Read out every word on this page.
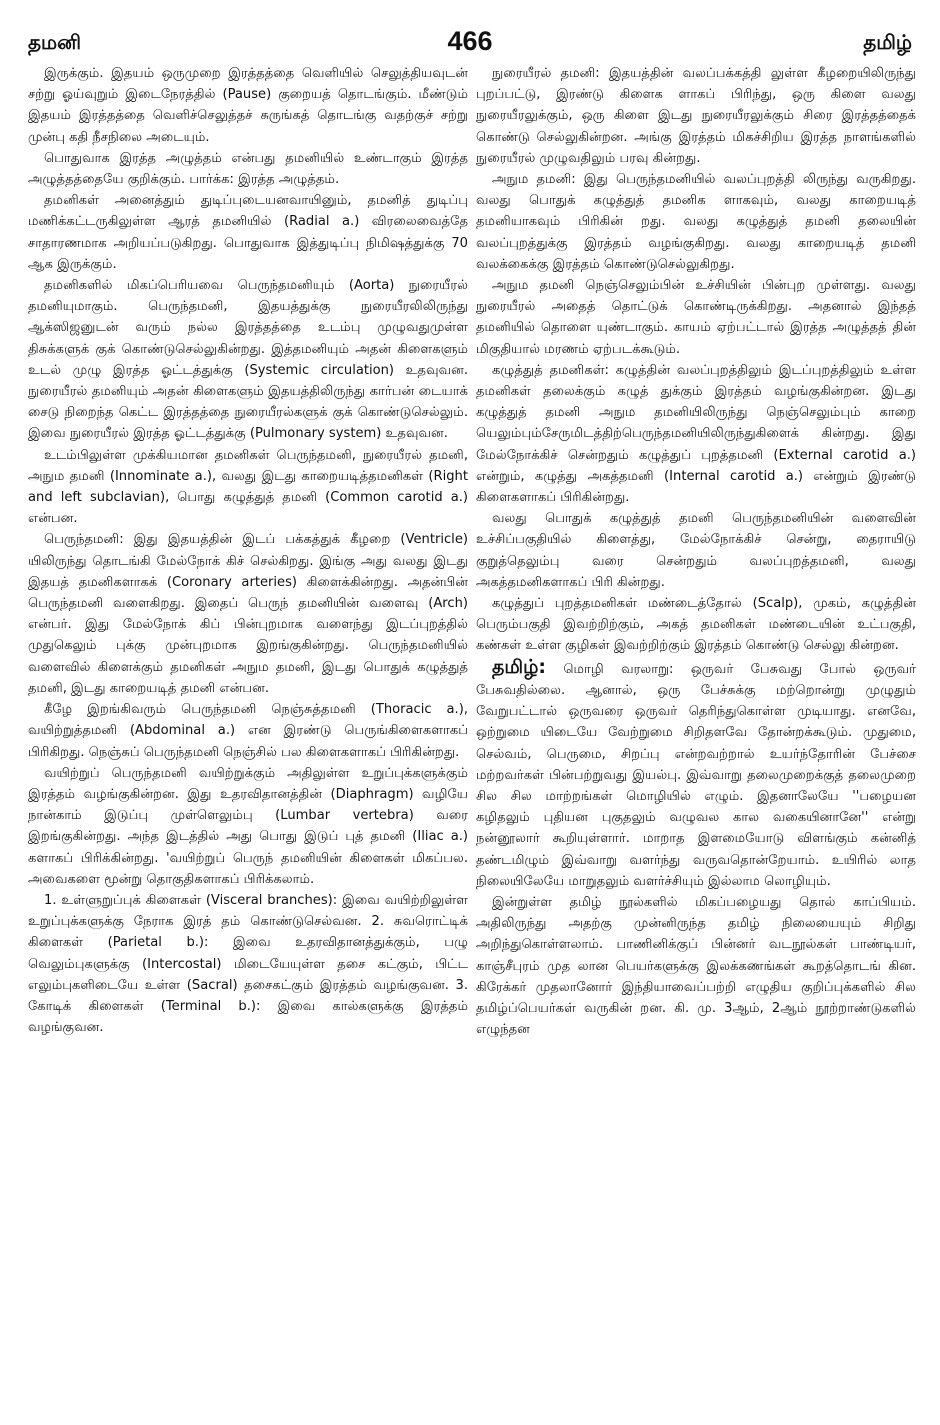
தமனி	466	தமிழ்

இருக்கும். இதயம் ஒருமுறை இரத்தத்தை வெளியில் செலுத்தியவுடன் சற்று ஓய்வுறும் இடைநேரத்தில் (Pause) குறையத் தொடங்கும். மீண்டும் இதயம் இரத்தத்தை வெளிச்செலுத்தச் சுருங்கத் தொடங்கு வதற்குச் சற்று முன்பு கதி நீசநிலை அடையும்.

பொதுவாக இரத்த அழுத்தம் என்பது தமனியில் உண்டாகும் இரத்த அழுத்தத்தையே குறிக்கும். பார்க்க: இரத்த அழுத்தம்.

தமனிகள் அனைத்தும் துடிப்புடையனவாயினும், தமனித் துடிப்பு மணிக்கட்டருகிலுள்ள ஆரத் தமனியில் (Radial a.) விரலைவைத்தே சாதாரணமாக அறியப்படுகிறது. பொதுவாக இத்துடிப்பு நிமிஷத்துக்கு 70 ஆக இருக்கும்.

தமனிகளில் மிகப்பெரியவை பெருந்தமனியும் (Aorta) நுரையீரல் தமனியுமாகும். பெருந்தமனி, இதயத்துக்கு நுரையீரலிலிருந்து ஆக்ஸிஜனுடன் வரும் நல்ல இரத்தத்தை உடம்பு முழுவதுமுள்ள திசுக்களுக் குக் கொண்டுசெல்லுகின்றது. இத்தமனியும் அதன் கிளைகளும் உடல் முழு இரத்த ஓட்டத்துக்கு (Systemic circulation) உதவுவன. நுரையீரல் தமனியும் அதன் கிளைகளும் இதயத்திலிருந்து கார்பன் டையாக் சைடு நிறைந்த கெட்ட இரத்தத்தை நுரையீரல்களுக் குக் கொண்டுசெல்லும். இவை நுரையீரல் இரத்த ஓட்டத்துக்கு (Pulmonary system) உதவுவன.

உடம்பிலுள்ள முக்கியமான தமனிகள் பெருந்தமனி, நுரையீரல் தமனி, அநும தமனி (Innominate a.), வலது இடது காறையடித்தமனிகள் (Right and left subclavian), பொது கழுத்துத் தமனி (Common carotid a.) என்பன.

பெருந்தமனி: இது இதயத்தின் இடப் பக்கத்துக் கீழறை (Ventricle) யிலிருந்து தொடங்கி மேல்நோக் கிச் செல்கிறது. இங்கு அது வலது இடது இதயத் தமனிகளாகக் (Coronary arteries) கிளைக்கின்றது. அதன்பின் பெருந்தமனி வளைகிறது. இதைப் பெருந் தமனியின் வளைவு (Arch) என்பர். இது மேல்நோக் கிப் பின்புறமாக வளைந்து இடப்புறத்தில் முதுகெலும் புக்கு முன்புறமாக இறங்குகின்றது. பெருந்தமனியில் வளைவில் கிளைக்கும் தமனிகள் அநும தமனி, இடது பொதுக் கழுத்துத் தமனி, இடது காறையடித் தமனி என்பன.

கீழே இறங்கிவரும் பெருந்தமனி நெஞ்சுத்தமனி (Thoracic a.), வயிற்றுத்தமனி (Abdominal a.) என இரண்டு பெருங்கிளைகளாகப் பிரிகிறது. நெஞ்சுப் பெருந்தமனி நெஞ்சில் பல கிளைகளாகப் பிரிகின்றது.

வயிற்றுப் பெருந்தமனி வயிற்றுக்கும் அதிலுள்ள உறுப்புக்களுக்கும் இரத்தம் வழங்குகின்றன. இது உதரவிதானத்தின் (Diaphragm) வழியே நான்காம் இடுப்பு முள்ளெலும்பு (Lumbar vertebra) வரை இறங்குகின்றது. அந்த இடத்தில் அது பொது இடுப் புத் தமனி (Iliac a.) களாகப் பிரிக்கின்றது. 'வயிற்றுப் பெருந் தமனியின் கிளைகள் மிகப்பல. அவைகளை மூன்று தொகுதிகளாகப் பிரிக்கலாம்.

1. உள்ளுறுப்புக் கிளைகள் (Visceral branches): இவை வயிற்றிலுள்ள உறுப்புக்களுக்கு நேராக இரத் தம் கொண்டுசெல்வன. 2. சுவரொட்டிக் கிளைகள் (Parietal b.): இவை உதரவிதானத்துக்கும், பழு வெலும்புகளுக்கு (Intercostal) மிடையேயுள்ள தசை கட்கும், பிட்ட எலும்புகளிடையே உள்ள (Sacral) தசைகட்கும் இரத்தம் வழங்குவன. 3. கோடிக் கிளைகள் (Terminal b.): இவை கால்களுக்கு இரத்தம் வழங்குவன.

நுரையீரல் தமனி: இதயத்தின் வலப்பக்கத்தி லுள்ள கீழறையிலிருந்து புறப்பட்டு, இரண்டு கிளைக ளாகப் பிரிந்து, ஒரு கிளை வலது நுரையீரலுக்கும், ஒரு கிளை இடது நுரையீரலுக்கும் சிரை இரத்தத்தைக் கொண்டு செல்லுகின்றன. அங்கு இரத்தம் மிகச்சிறிய இரத்த நாளங்களில் நுரையீரல் முழுவதிலும் பரவு கின்றது.

அநும தமனி: இது பெருந்தமனியில் வலப்புறத்தி லிருந்து வருகிறது. வலது பொதுக் கழுத்துத் தமனிக ளாகவும், வலது காறையடித் தமனியாகவும் பிரிகின் றது. வலது கழுத்துத் தமனி தலையின் வலப்புறத்துக்கு இரத்தம் வழங்குகிறது. வலது காறையடித் தமனி வலக்கைக்கு இரத்தம் கொண்டுசெல்லுகிறது.

அநும தமனி நெஞ்செலும்பின் உச்சியின் பின்புற முள்ளது. வலது நுரையீரல் அதைத் தொட்டுக் கொண்டிருக்கிறது. அதனால் இந்தத் தமனியில் தொளை யுண்டாகும். காயம் ஏற்பட்டால் இரத்த அழுத்தத் தின் மிகுதியால் மரணம் ஏற்படக்கூடும்.

கழுத்துத் தமனிகள்: கழுத்தின் வலப்புறத்திலும் இடப்புறத்திலும் உள்ள தமனிகள் தலைக்கும் கழுத் துக்கும் இரத்தம் வழங்குகின்றன. இடது கழுத்துத் தமனி அநும தமனியிலிருந்து நெஞ்செலும்பும் காறை யெலும்பும்சேருமிடத்திற்பெருந்தமனியிலிருந்துகிளைக் கின்றது. இது மேல்நோக்கிச் சென்றதும் கழுத்துப் புறத்தமனி (External carotid a.) என்றும், கழுத்து அகத்தமனி (Internal carotid a.) என்றும் இரண்டு கிளைகளாகப் பிரிகின்றது.

வலது பொதுக் கழுத்துத் தமனி பெருந்தமனியின் வளைவின் உச்சிப்பகுதியில் கிளைத்து, மேல்நோக்கிச் சென்று, தைராயிடு குறுத்தெலும்பு வரை சென்றதும் வலப்புறத்தமனி, வலது அகத்தமனிகளாகப் பிரி கின்றது.

கழுத்துப் புறத்தமனிகள் மண்டைத்தோல் (Scalp), முகம், கழுத்தின் பெரும்பகுதி இவற்றிற்கும், அகத் தமனிகள் மண்டையின் உட்பகுதி, கண்கள் உள்ள குழிகள் இவற்றிற்கும் இரத்தம் கொண்டு செல்லு கின்றன.

தமிழ்: மொழி வரலாறு: ஒருவர் பேசுவது போல் ஒருவர் பேசுவதில்லை. ஆனால், ஒரு பேச்சுக்கு மற்றொன்று முழுதும் வேறுபட்டால் ஒருவரை ஒருவர் தெரிந்துகொள்ள முடியாது. எனவே, ஒற்றுமை யிடையே வேற்றுமை சிறிதளவே தோன்றக்கூடும். முதுமை, செல்வம், பெருமை, சிறப்பு என்றவற்றால் உயர்ந்தோரின் பேச்சை மற்றவர்கள் பின்பற்றுவது இயல்பு. இவ்வாறு தலைமுறைக்குத் தலைமுறை சில சில மாற்றங்கள் மொழியில் எழும். இதனாலேயே ''பழையன கழிதலும் புதியன புகுதலும் வழுவல கால வகையினானே'' என்று நன்னூலார் கூறியுள்ளார். மாறாத இளமையோடு விளங்கும் கன்னித் தண்டமிழும் இவ்வாறு வளர்ந்து வருவதொன்றேயாம். உயிரில் லாத நிலையிலேயே மாறுதலும் வளர்ச்சியும் இல்லாம லொழியும்.

இன்றுள்ள தமிழ் நூல்களில் மிகப்பழையது தொல் காப்பியம். அதிலிருந்து அதற்கு முன்னிருந்த தமிழ் நிலையையும் சிறிது அறிந்துகொள்ளலாம். பாணினிக்குப் பின்னர் வடநூல்கள் பாண்டியர், காஞ்சீபுரம் முத லான பெயர்களுக்கு இலக்கணங்கள் கூறத்தொடங் கின. கிரேக்கர் முதலானோர் இந்தியாவைப்பற்றி எழுதிய குறிப்புக்களில் சில தமிழ்ப்பெயர்கள் வருகின் றன. கி. மு. 3ஆம், 2ஆம் நூற்றாண்டுகளில் எழுந்தன
